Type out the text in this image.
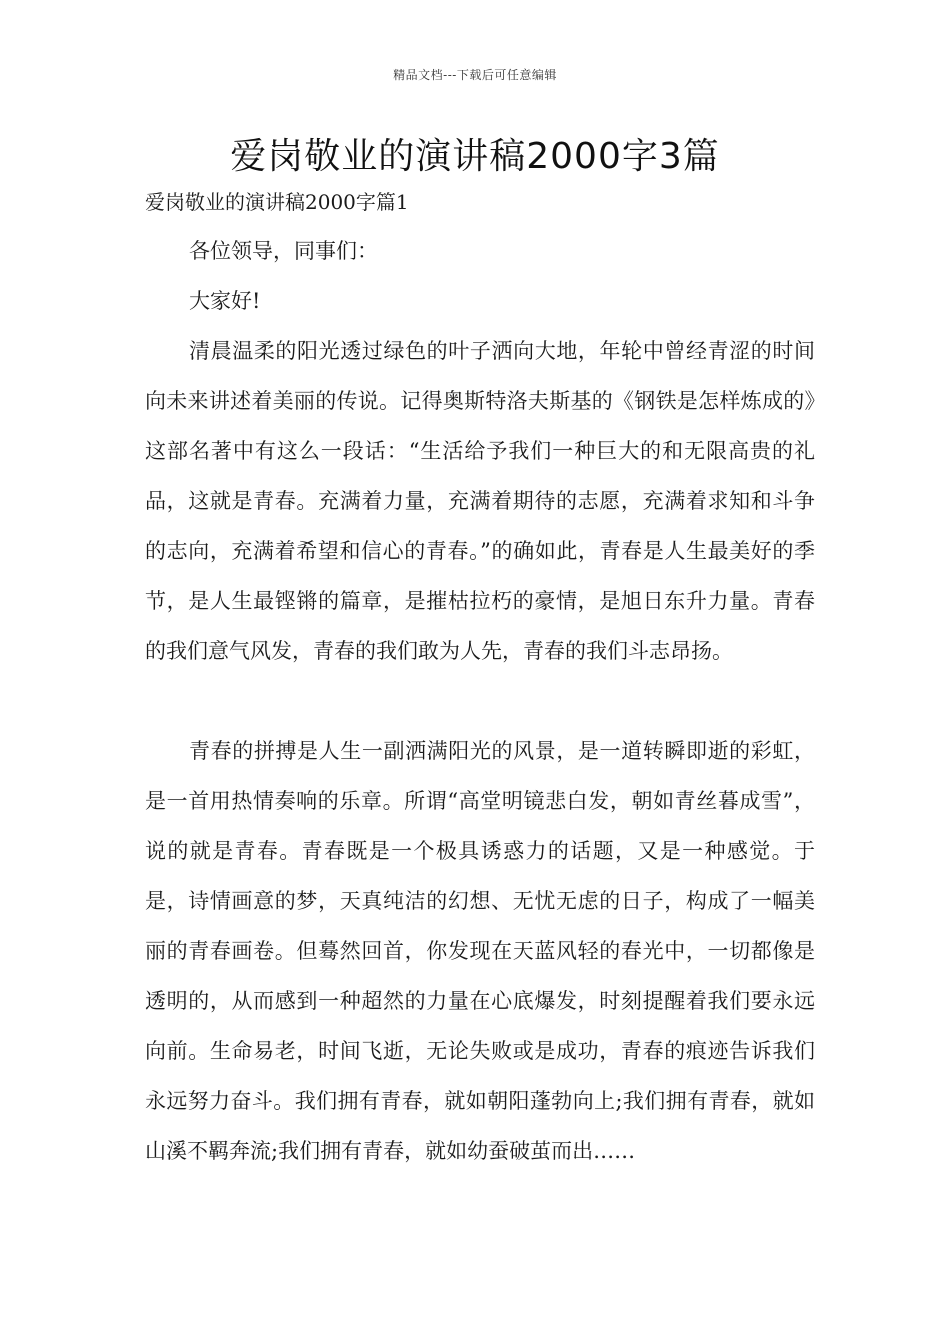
精品文档---下载后可任意编辑
爱岗敬业的演讲稿2000字3篇

爱岗敬业的演讲稿2000字篇1

各位领导，同事们：

大家好!

清晨温柔的阳光透过绿色的叶子洒向大地，年轮中曾经青涩的时间向未来讲述着美丽的传说。记得奥斯特洛夫斯基的《钢铁是怎样炼成的》这部名著中有这么一段话：“生活给予我们一种巨大的和无限高贵的礼品，这就是青春。充满着力量，充满着期待的志愿，充满着求知和斗争的志向，充满着希望和信心的青春。”的确如此，青春是人生最美好的季节，是人生最铿锵的篇章，是摧枯拉朽的豪情，是旭日东升力量。青春的我们意气风发，青春的我们敢为人先，青春的我们斗志昂扬。

青春的拼搏是人生一副洒满阳光的风景，是一道转瞬即逝的彩虹，是一首用热情奏响的乐章。所谓“高堂明镜悲白发，朝如青丝暮成雪”，说的就是青春。青春既是一个极具诱惑力的话题，又是一种感觉。于是，诗情画意的梦，天真纯洁的幻想、无忧无虑的日子，构成了一幅美丽的青春画卷。但蓦然回首，你发现在天蓝风轻的春光中，一切都像是透明的，从而感到一种超然的力量在心底爆发，时刻提醒着我们要永远向前。生命易老，时间飞逝，无论失败或是成功，青春的痕迹告诉我们永远努力奋斗。我们拥有青春，就如朝阳蓬勃向上;我们拥有青春，就如山溪不羁奔流;我们拥有青春，就如幼蚕破茧而出……
